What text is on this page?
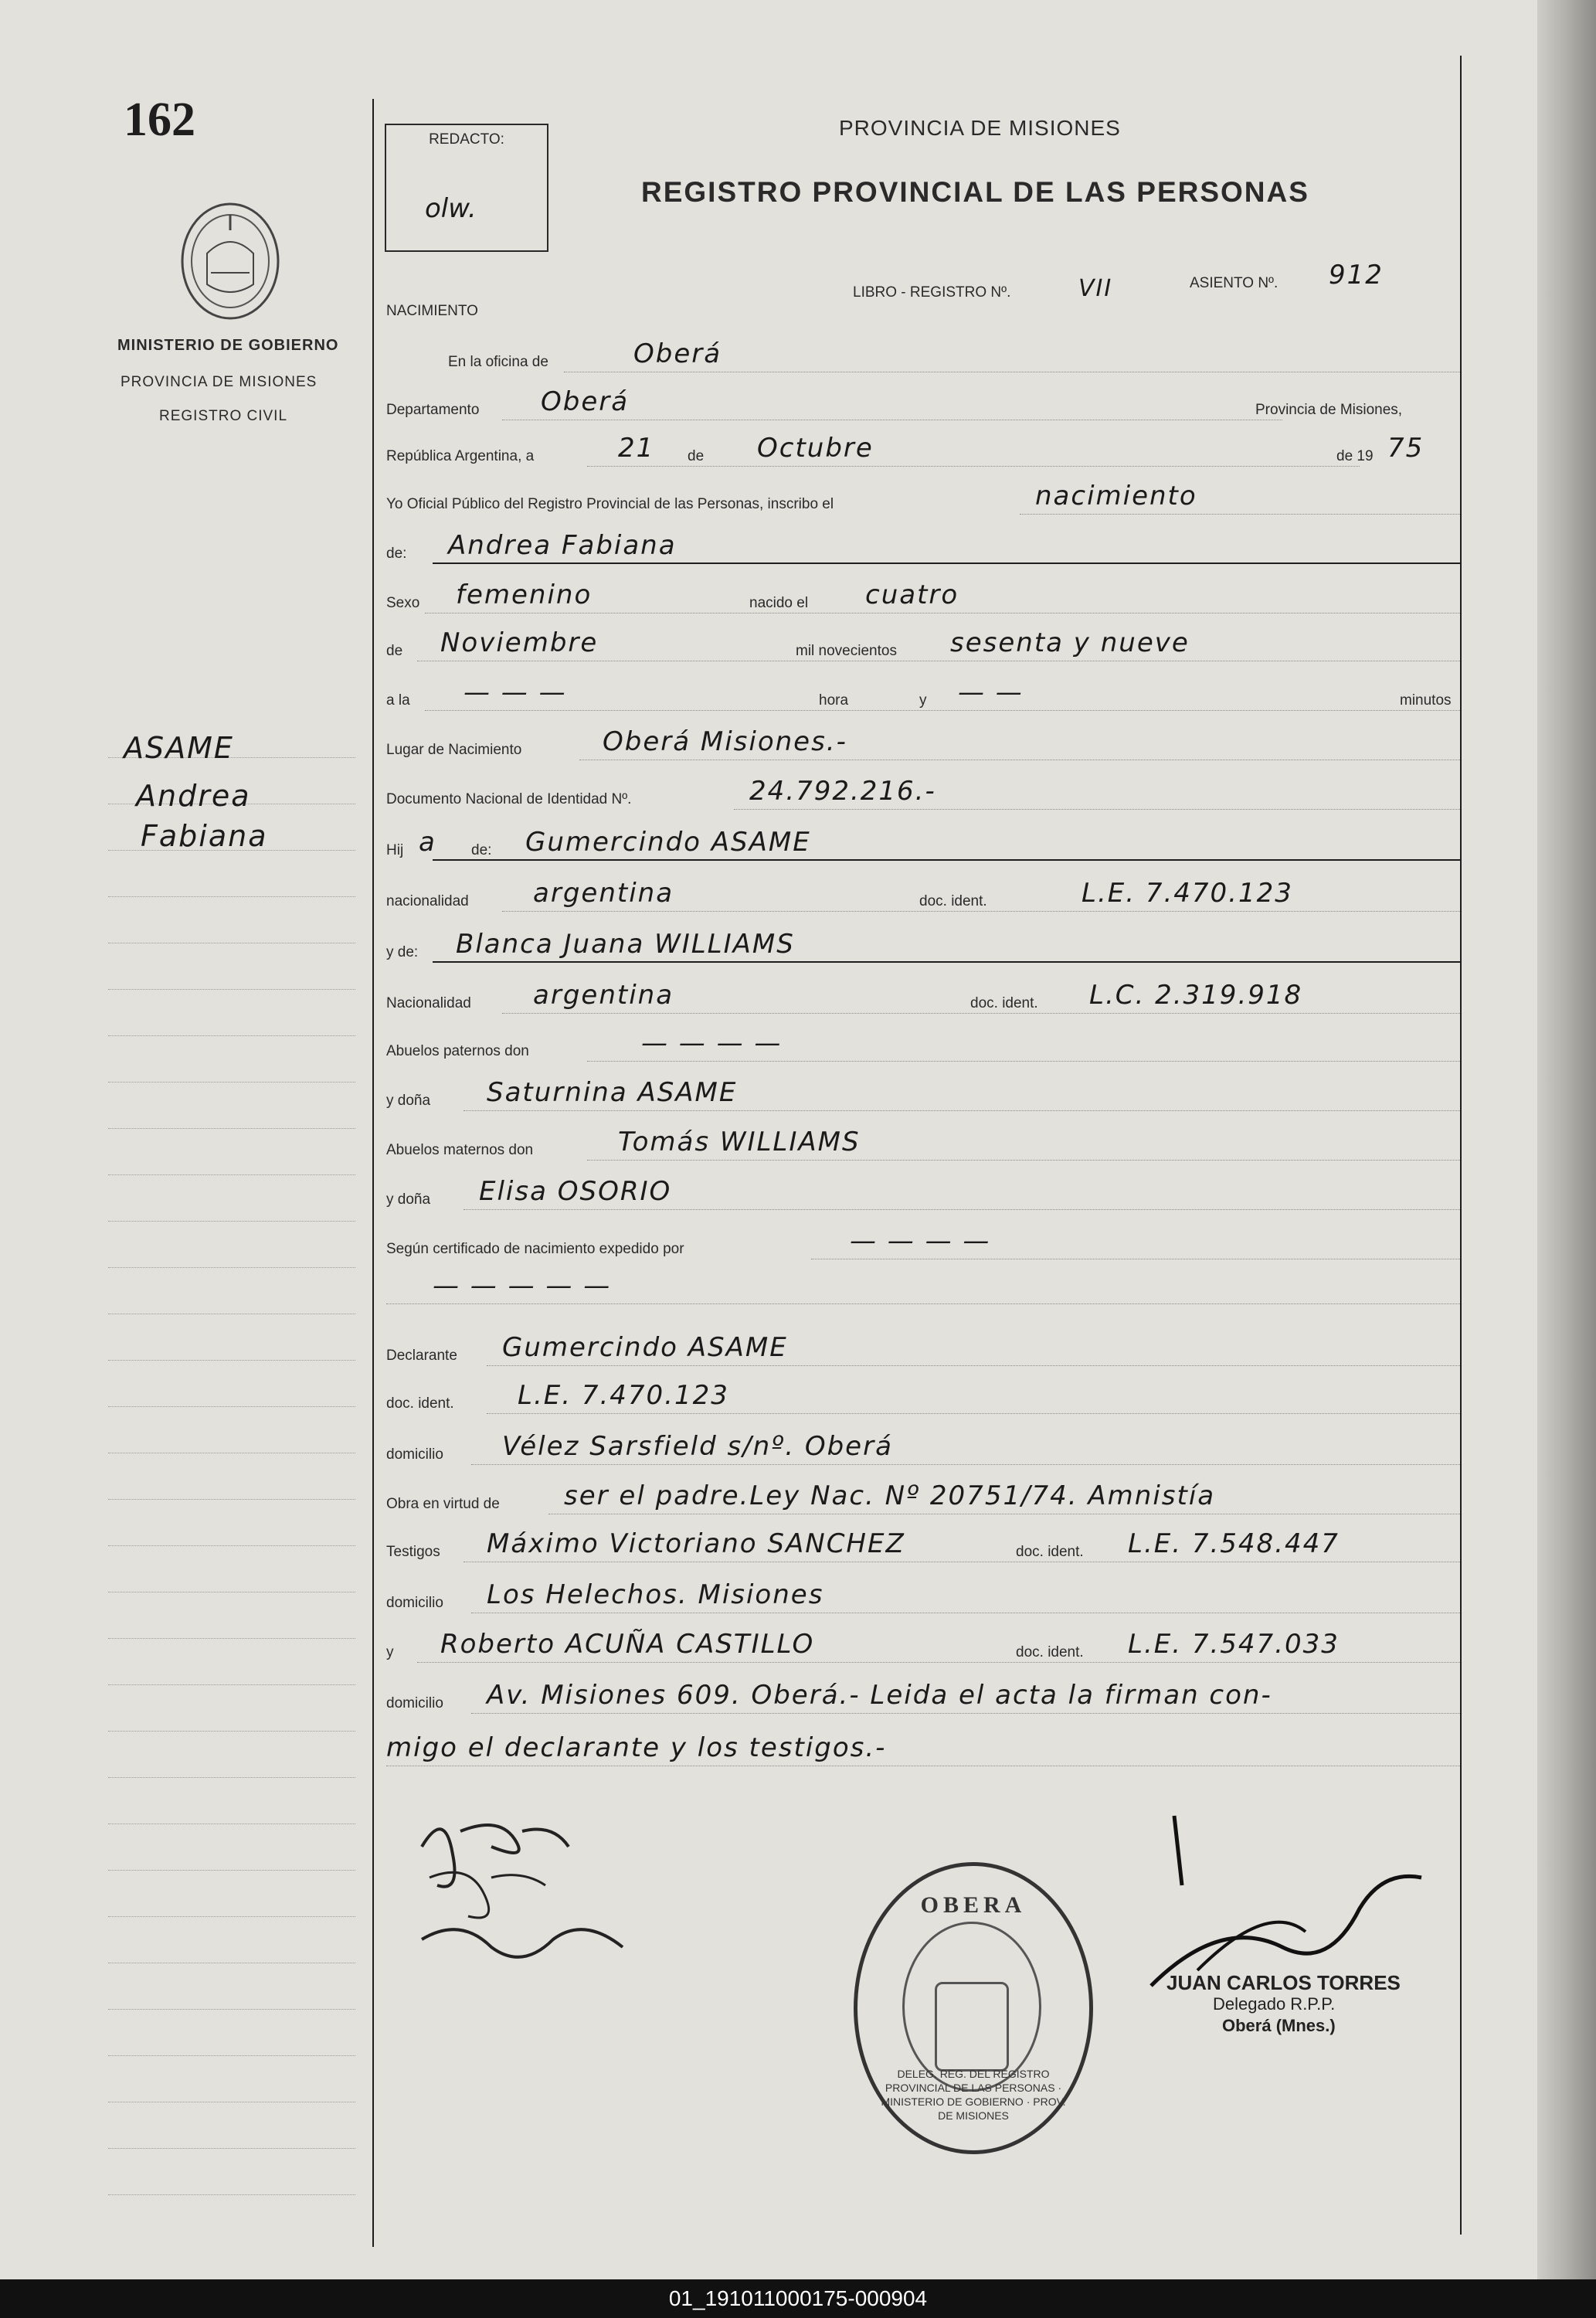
162
MINISTERIO DE GOBIERNO
PROVINCIA DE MISIONES
REGISTRO CIVIL
ASAME
Andrea
Fabiana
REDACTO:
olw.
PROVINCIA DE MISIONES
REGISTRO PROVINCIAL DE LAS PERSONAS
LIBRO - REGISTRO Nº.	VII	ASIENTO Nº. 912
NACIMIENTO
En la oficina de	Oberá
Departamento Oberá	Provincia de Misiones,
República Argentina, a	21 de Octubre	de 19 75
Yo Oficial Público del Registro Provincial de las Personas, inscribo el	nacimiento
de: Andrea Fabiana
Sexo femenino	nacido el cuatro
de Noviembre	mil novecientos sesenta y nueve
a la — — —	hora	y — —	minutos
Lugar de Nacimiento	Oberá Misiones.-
Documento Nacional de Identidad Nº.	24.792.216.-
Hij a de: Gumercindo ASAME
nacionalidad argentina	doc. ident.	L.E. 7.470.123
y de: Blanca Juana WILLIAMS
Nacionalidad argentina	doc. ident. L.C. 2.319.918
Abuelos paternos don	— — — —
y doña Saturnina ASAME
Abuelos maternos don	Tomás WILLIAMS
y doña Elisa OSORIO
Según certificado de nacimiento expedido por	— — — —
— — — — —
Declarante Gumercindo ASAME
doc. ident. L.E. 7.470.123
domicilio Vélez Sarsfield s/nº. Oberá
Obra en virtud de ser el padre.Ley Nac. Nº 20751/74. Amnistía
Testigos Máximo Victoriano SANCHEZ	doc. ident. L.E. 7.548.447
domicilio Los Helechos. Misiones
y Roberto ACUÑA CASTILLO	doc. ident. L.E. 7.547.033
domicilio Av. Misiones 609. Oberá.- Leida el acta la firman con-
migo el declarante y los testigos.-
OBERA
DELEG. REG. DEL REGISTRO PROVINCIAL DE LAS PERSONAS · MINISTERIO DE GOBIERNO · PROV. DE MISIONES
JUAN CARLOS TORRES
Delegado R.P.P.
Oberá (Mnes.)
01_191011000175-000904
